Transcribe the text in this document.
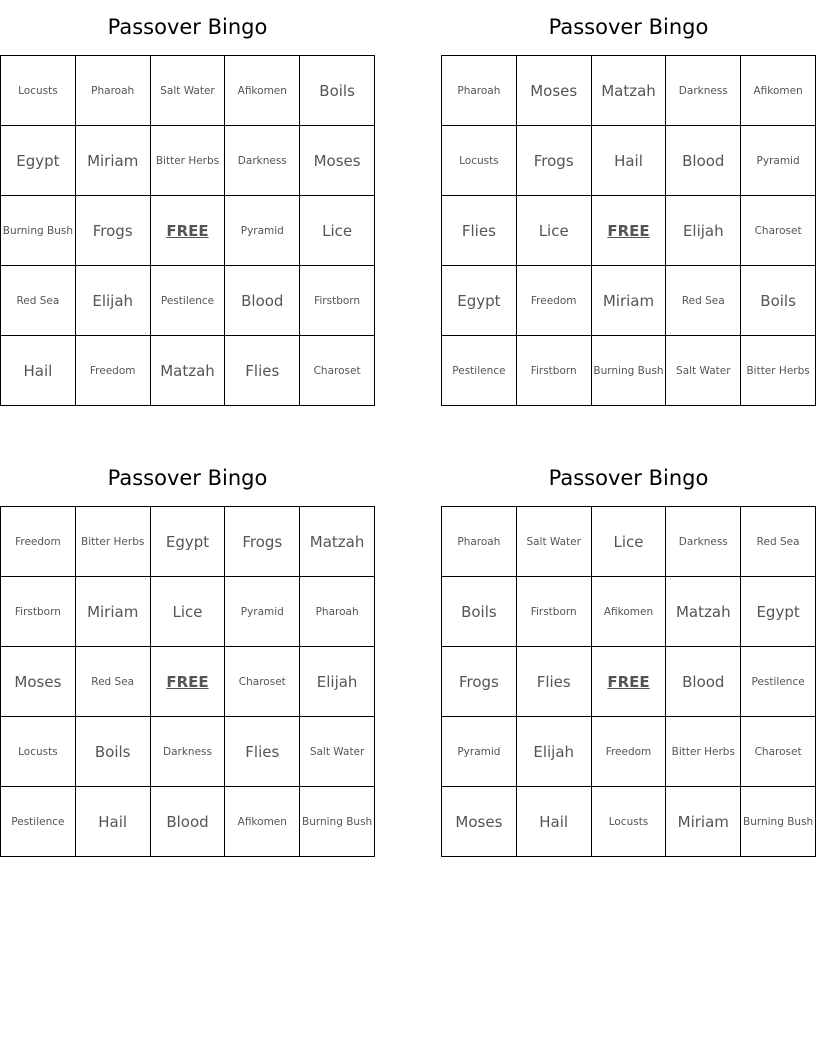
Passover Bingo
Locusts	Pharoah	Salt Water	Afikomen	Boils
Egypt	Miriam	Bitter Herbs	Darkness	Moses
Burning Bush	Frogs	FREE	Pyramid	Lice
Red Sea	Elijah	Pestilence	Blood	Firstborn
Hail	Freedom	Matzah	Flies	Charoset
Passover Bingo
Pharoah	Moses	Matzah	Darkness	Afikomen
Locusts	Frogs	Hail	Blood	Pyramid
Flies	Lice	FREE	Elijah	Charoset
Egypt	Freedom	Miriam	Red Sea	Boils
Pestilence	Firstborn	Burning Bush	Salt Water	Bitter Herbs
Passover Bingo
Freedom	Bitter Herbs	Egypt	Frogs	Matzah
Firstborn	Miriam	Lice	Pyramid	Pharoah
Moses	Red Sea	FREE	Charoset	Elijah
Locusts	Boils	Darkness	Flies	Salt Water
Pestilence	Hail	Blood	Afikomen	Burning Bush
Passover Bingo
Pharoah	Salt Water	Lice	Darkness	Red Sea
Boils	Firstborn	Afikomen	Matzah	Egypt
Frogs	Flies	FREE	Blood	Pestilence
Pyramid	Elijah	Freedom	Bitter Herbs	Charoset
Moses	Hail	Locusts	Miriam	Burning Bush
